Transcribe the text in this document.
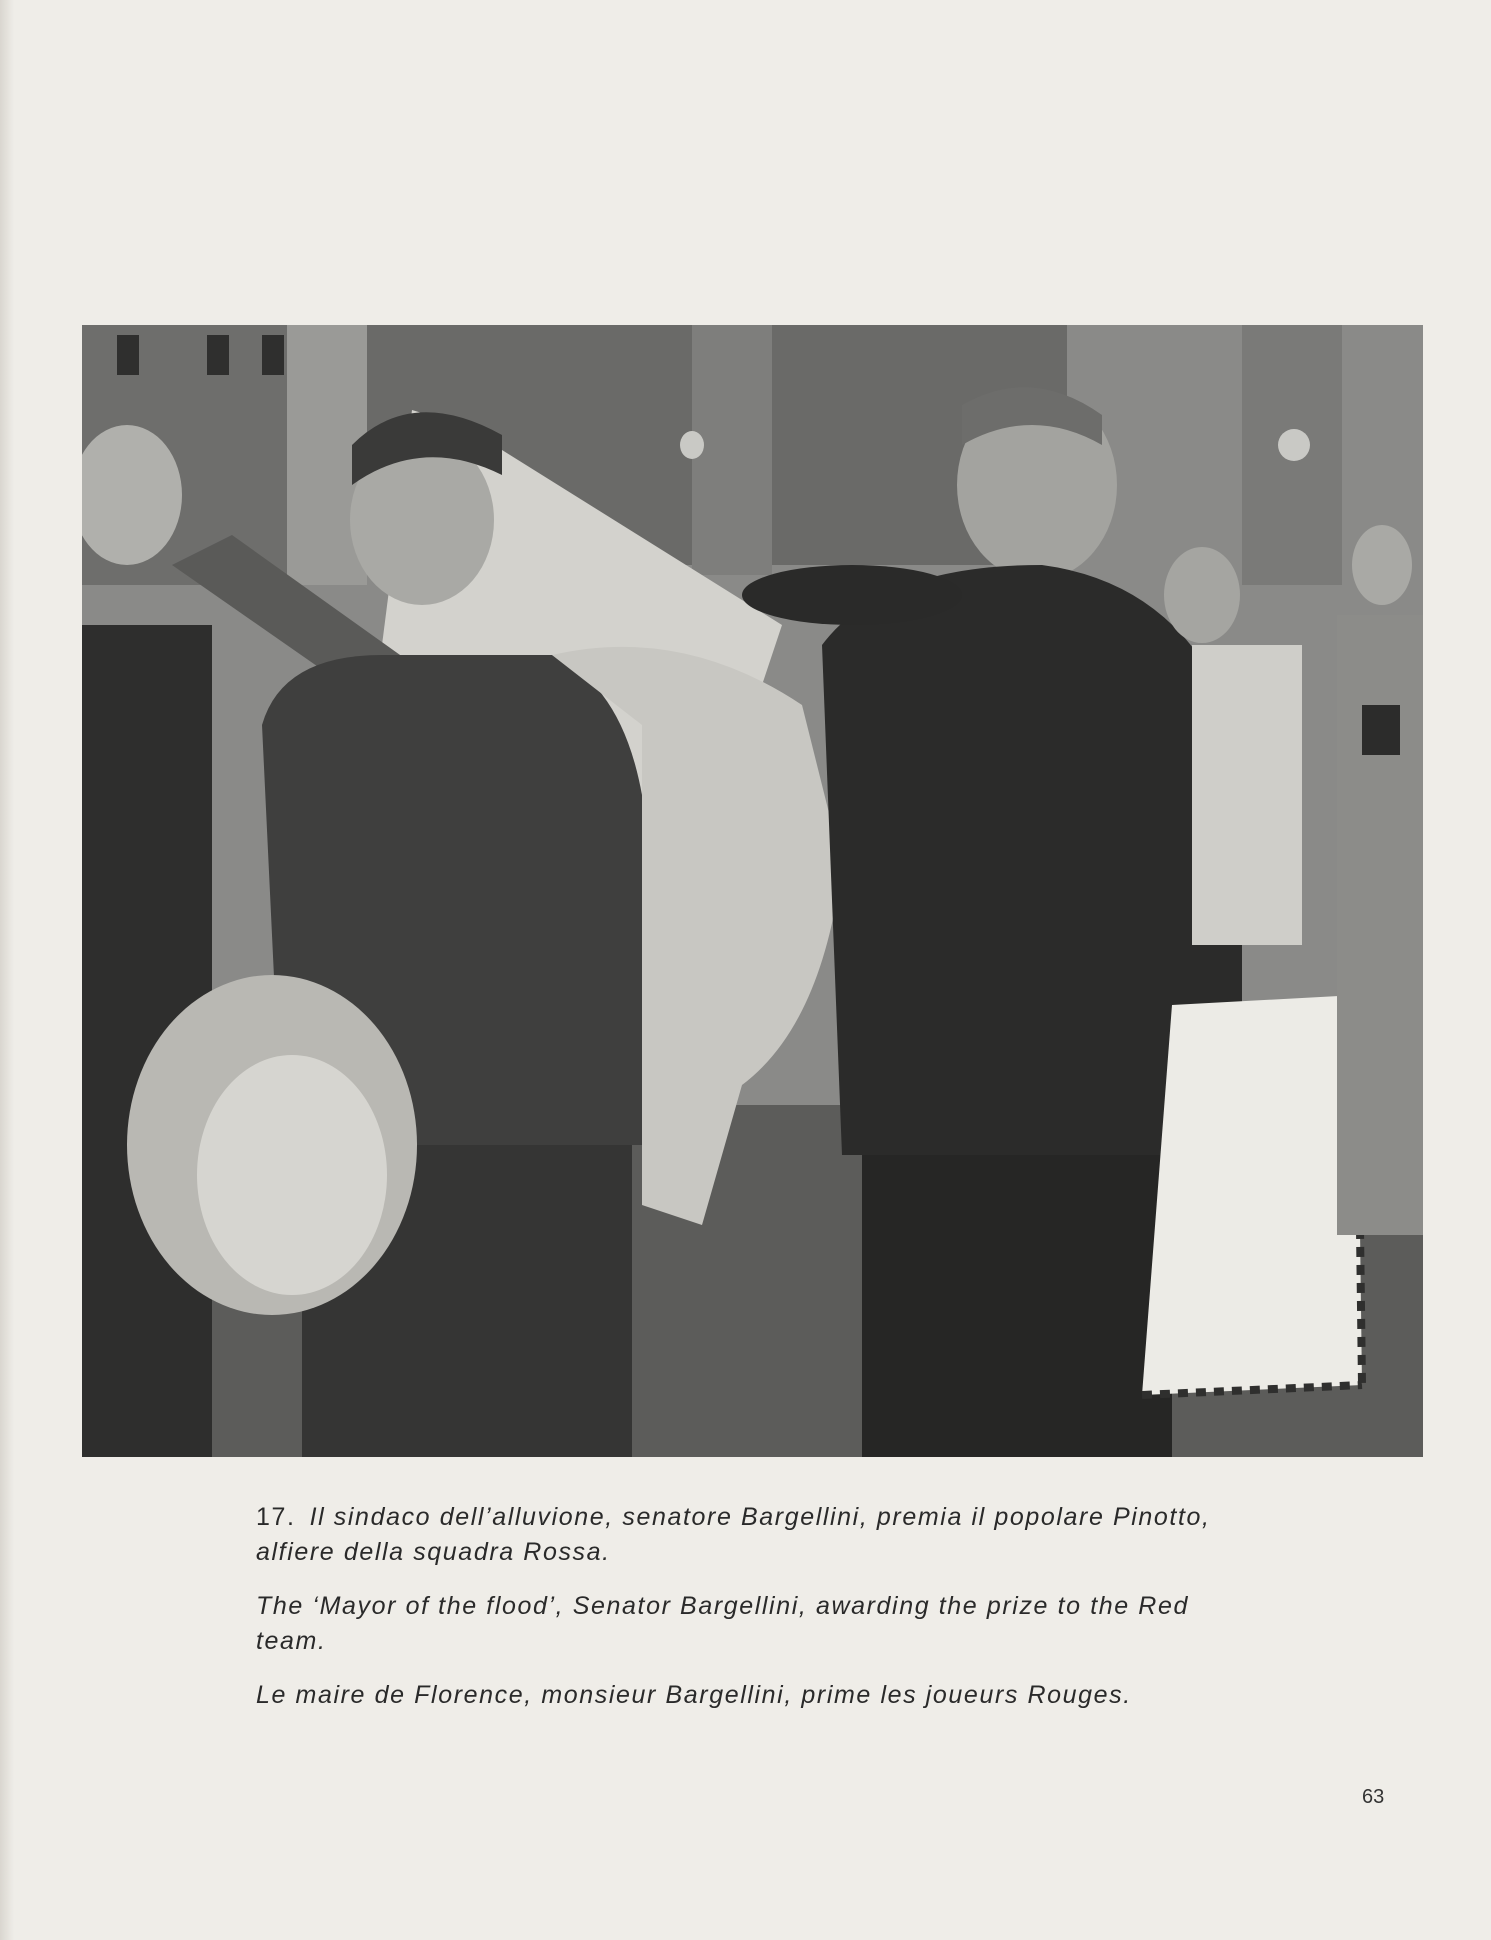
17. Il sindaco dell’alluvione, senatore Bargellini, premia il popolare Pinotto, alfiere della squadra Rossa.

The ‘Mayor of the flood’, Senator Bargellini, awarding the prize to the Red team.

Le maire de Florence, monsieur Bargellini, prime les joueurs Rouges.

63
